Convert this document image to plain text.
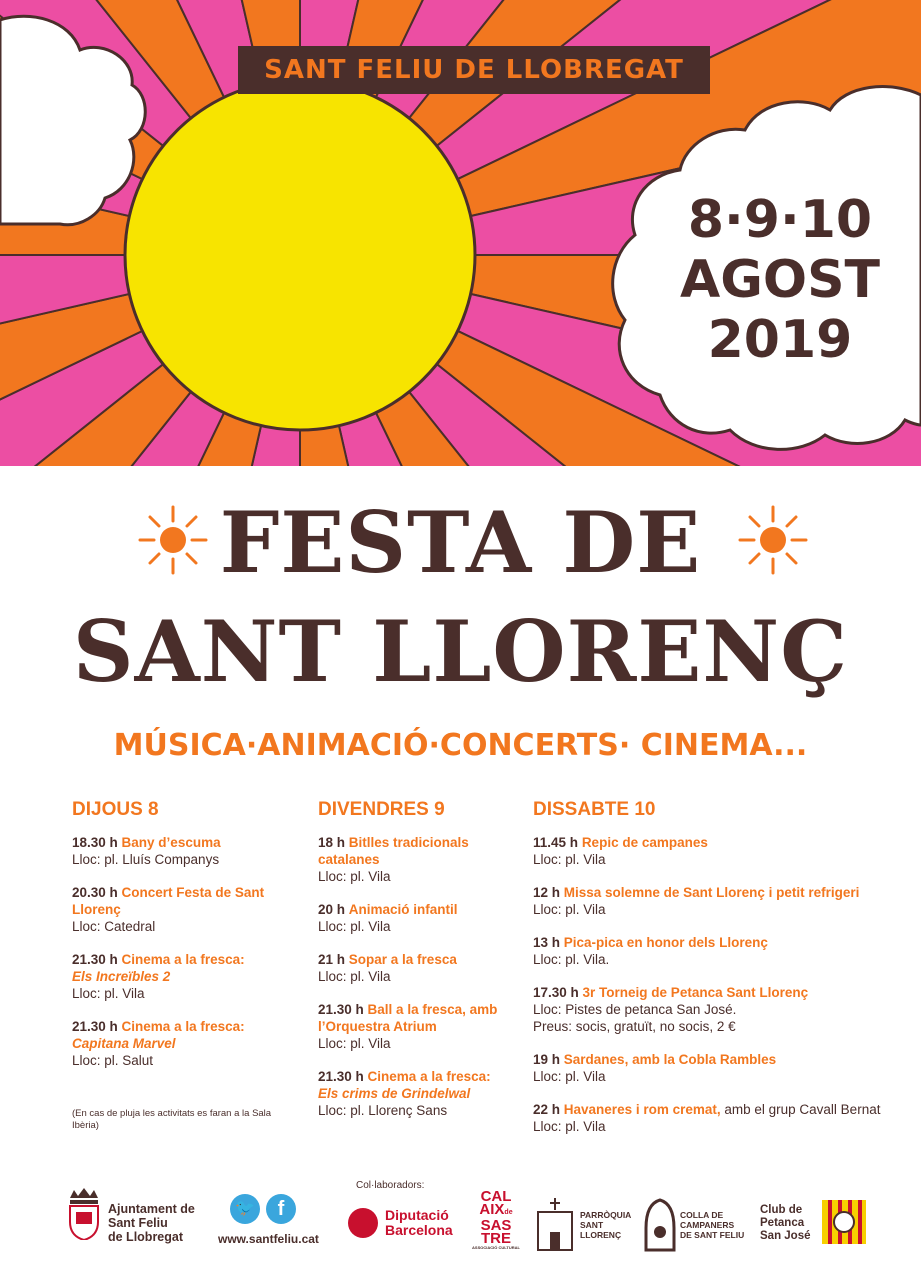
SANT FELIU DE LLOBREGAT
8·9·10
AGOST
2019
FESTA DE
SANT LLORENÇ
MÚSICA·ANIMACIÓ·CONCERTS· CINEMA...
DIJOUS 8
18.30 h Bany d’escuma
Lloc: pl. Lluís Companys
20.30 h Concert Festa de Sant Llorenç
Lloc: Catedral
21.30 h Cinema a la fresca:
Els Increïbles 2
Lloc: pl. Vila
21.30 h Cinema a la fresca:
Capitana Marvel
Lloc: pl. Salut
(En cas de pluja les activitats es faran a la Sala Ibèria)
DIVENDRES 9
18 h Bitlles tradicionals catalanes
Lloc: pl. Vila
20 h Animació infantil
Lloc: pl. Vila
21 h Sopar a la fresca
Lloc: pl. Vila
21.30 h Ball a la fresca, amb l’Orquestra Atrium
Lloc: pl. Vila
21.30 h Cinema a la fresca:
Els crims de Grindelwal
Lloc: pl. Llorenç Sans
DISSABTE 10
11.45 h Repic de campanes
Lloc: pl. Vila
12 h Missa solemne de Sant Llorenç i petit refrigeri
Lloc: pl. Vila
13 h Pica-pica en honor dels Llorenç
Lloc: pl. Vila.
17.30 h 3r Torneig de Petanca Sant Llorenç
Lloc: Pistes de petanca San José.
Preus: socis, gratuït, no socis, 2 €
19 h Sardanes, amb la Cobla Rambles
Lloc: pl. Vila
22 h Havaneres i rom cremat, amb el grup Cavall Bernat
Lloc: pl. Vila
Ajuntament de
Sant Feliu
de Llobregat
🐦	f
www.santfeliu.cat
Col·laboradors:
Diputació
Barcelona
CAL
AIXde
SAS
TRE
ASSOCIACIÓ CULTURAL
PARRÒQUIA
SANT
LLORENÇ
COLLA DE
CAMPANERS
DE SANT FELIU
Club de
Petanca
San José
